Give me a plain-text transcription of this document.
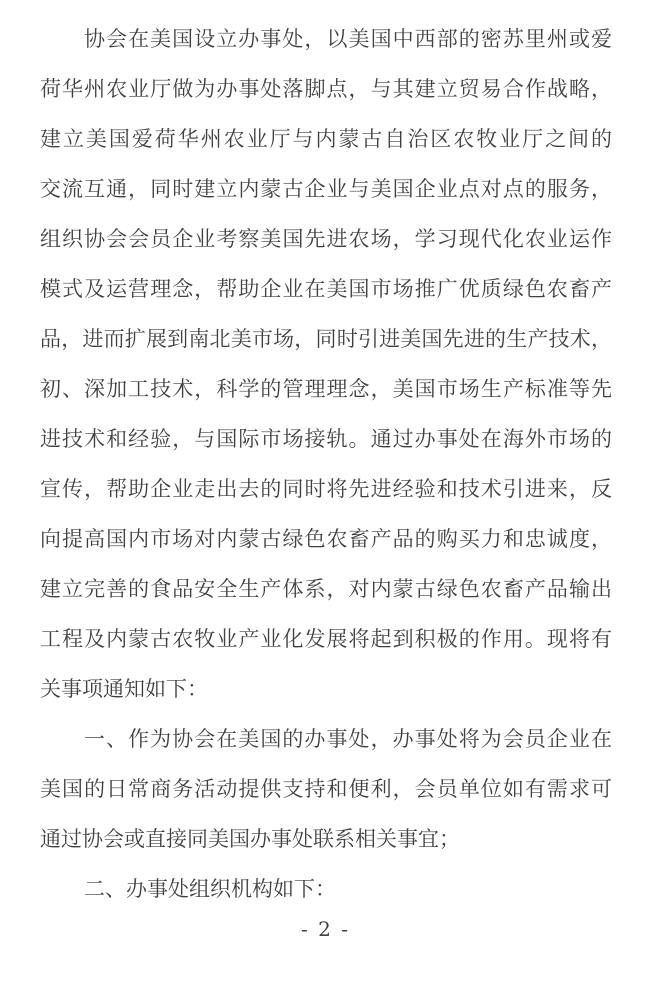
协会在美国设立办事处，以美国中西部的密苏里州或爱
荷华州农业厅做为办事处落脚点，与其建立贸易合作战略，
建立美国爱荷华州农业厅与内蒙古自治区农牧业厅之间的
交流互通，同时建立内蒙古企业与美国企业点对点的服务，
组织协会会员企业考察美国先进农场，学习现代化农业运作
模式及运营理念，帮助企业在美国市场推广优质绿色农畜产
品，进而扩展到南北美市场，同时引进美国先进的生产技术，
初、深加工技术，科学的管理理念，美国市场生产标准等先
进技术和经验，与国际市场接轨。通过办事处在海外市场的
宣传，帮助企业走出去的同时将先进经验和技术引进来，反
向提高国内市场对内蒙古绿色农畜产品的购买力和忠诚度，
建立完善的食品安全生产体系，对内蒙古绿色农畜产品输出
工程及内蒙古农牧业产业化发展将起到积极的作用。现将有
关事项通知如下：
一、作为协会在美国的办事处，办事处将为会员企业在
美国的日常商务活动提供支持和便利，会员单位如有需求可
通过协会或直接同美国办事处联系相关事宜；
二、办事处组织机构如下：
- 2 -
